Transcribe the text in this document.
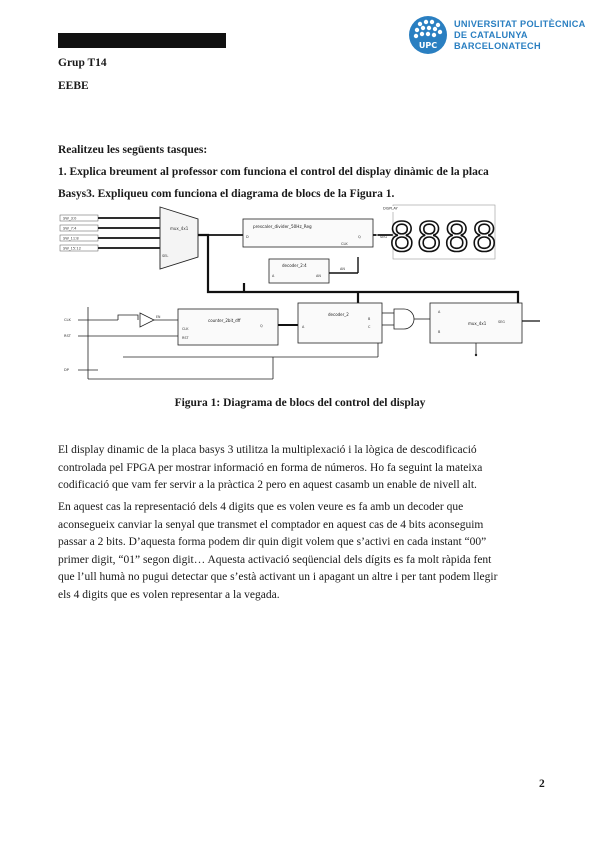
UPC
UNIVERSITAT POLITÈCNICA
DE CATALUNYA
BARCELONATECH
Grup T14
EEBE
Realitzeu les següents tasques:
1. Explica breument al professor com funciona el control del display dinàmic de la placa
Basys3. Expliqueu com funciona el diagrama de blocs de la Figura 1.
SW_3:0
SW_7:4
SW_11:8
SW_15:12
mux_4x1
SEL
prescaler_divider_50Hz_Reg
D	Q
CLK
SEG
DISPLAY
8888
decoder_2:4
A	AN
AN
CLK
RST
DP
EN
counter_2bit_dff
CLK
RST
Q
decoder_2
A
B
C
A
B
mux_4x1	SEG
Figura 1: Diagrama de blocs del control del display
El display dinamic de la placa basys 3 utilitza la multiplexació i la lògica de descodificació
controlada pel FPGA per mostrar informació en forma de números. Ho fa seguint la mateixa
codificació que vam fer servir a la pràctica 2 pero en aquest casamb un enable de nivell alt.
En aquest cas la representació dels 4 digits que es volen veure es fa amb un decoder que
aconsegueix canviar la senyal que transmet el comptador en aquest cas de 4 bits aconseguim
passar a 2 bits. D’aquesta forma podem dir quin digit volem que s’activi en cada instant “00”
primer digit, “01” segon digit… Aquesta activació seqüencial dels dígits es fa molt ràpida fent
que l’ull humà no pugui detectar que s’està activant un i apagant un altre i per tant podem llegir
els 4 digits que es volen representar a la vegada.
2
